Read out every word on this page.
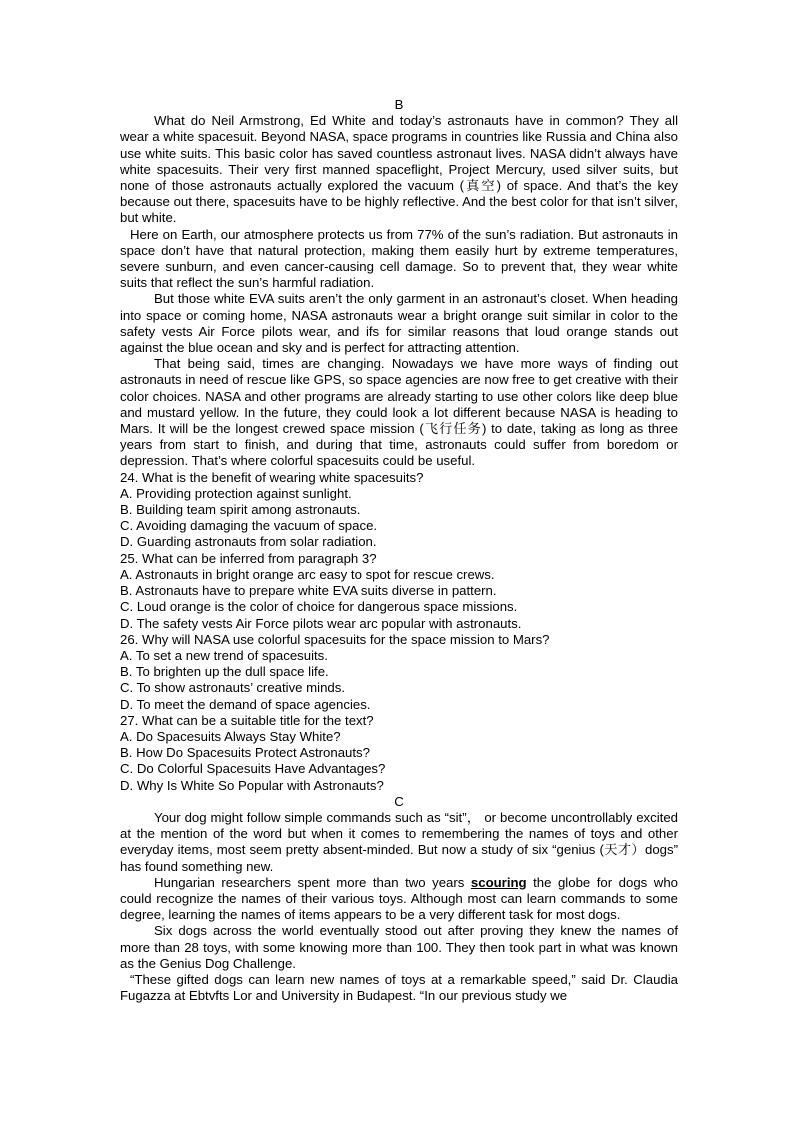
B

What do Neil Armstrong, Ed White and today’s astronauts have in common? They all wear a white spacesuit. Beyond NASA, space programs in countries like Russia and China also use white suits. This basic color has saved countless astronaut lives. NASA didn’t always have white spacesuits. Their very first manned spaceflight, Project Mercury, used silver suits, but none of those astronauts actually explored the vacuum (真空) of space. And that’s the key because out there, spacesuits have to be highly reflective. And the best color for that isn’t silver, but white.

Here on Earth, our atmosphere protects us from 77% of the sun’s radiation. But astronauts in space don’t have that natural protection, making them easily hurt by extreme temperatures, severe sunburn, and even cancer-causing cell damage. So to prevent that, they wear white suits that reflect the sun’s harmful radiation.

But those white EVA suits aren’t the only garment in an astronaut’s closet. When heading into space or coming home, NASA astronauts wear a bright orange suit similar in color to the safety vests Air Force pilots wear, and ifs for similar reasons that loud orange stands out against the blue ocean and sky and is perfect for attracting attention.

That being said, times are changing. Nowadays we have more ways of finding out astronauts in need of rescue like GPS, so space agencies are now free to get creative with their color choices. NASA and other programs are already starting to use other colors like deep blue and mustard yellow. In the future, they could look a lot different because NASA is heading to Mars. It will be the longest crewed space mission (飞行任务) to date, taking as long as three years from start to finish, and during that time, astronauts could suffer from boredom or depression. That’s where colorful spacesuits could be useful.

24. What is the benefit of wearing white spacesuits?

A. Providing protection against sunlight.

B. Building team spirit among astronauts.

C. Avoiding damaging the vacuum of space.

D. Guarding astronauts from solar radiation.

25. What can be inferred from paragraph 3?

A. Astronauts in bright orange arc easy to spot for rescue crews.

B. Astronauts have to prepare white EVA suits diverse in pattern.

C. Loud orange is the color of choice for dangerous space missions.

D. The safety vests Air Force pilots wear arc popular with astronauts.

26. Why will NASA use colorful spacesuits for the space mission to Mars?

A. To set a new trend of spacesuits.

B. To brighten up the dull space life.

C. To show astronauts’ creative minds.

D. To meet the demand of space agencies.

27. What can be a suitable title for the text?

A. Do Spacesuits Always Stay White?

B. How Do Spacesuits Protect Astronauts?

C. Do Colorful Spacesuits Have Advantages?

D. Why Is White So Popular with Astronauts?

C

Your dog might follow simple commands such as “sit”， or become uncontrollably excited at the mention of the word but when it comes to remembering the names of toys and other everyday items, most seem pretty absent-minded. But now a study of six “genius (天才）dogs” has found something new.

Hungarian researchers spent more than two years scouring the globe for dogs who could recognize the names of their various toys. Although most can learn commands to some degree, learning the names of items appears to be a very different task for most dogs.

Six dogs across the world eventually stood out after proving they knew the names of more than 28 toys, with some knowing more than 100. They then took part in what was known as the Genius Dog Challenge.

“These gifted dogs can learn new names of toys at a remarkable speed,” said Dr. Claudia Fugazza at Ebtvfts Lor and University in Budapest. “In our previous study we
